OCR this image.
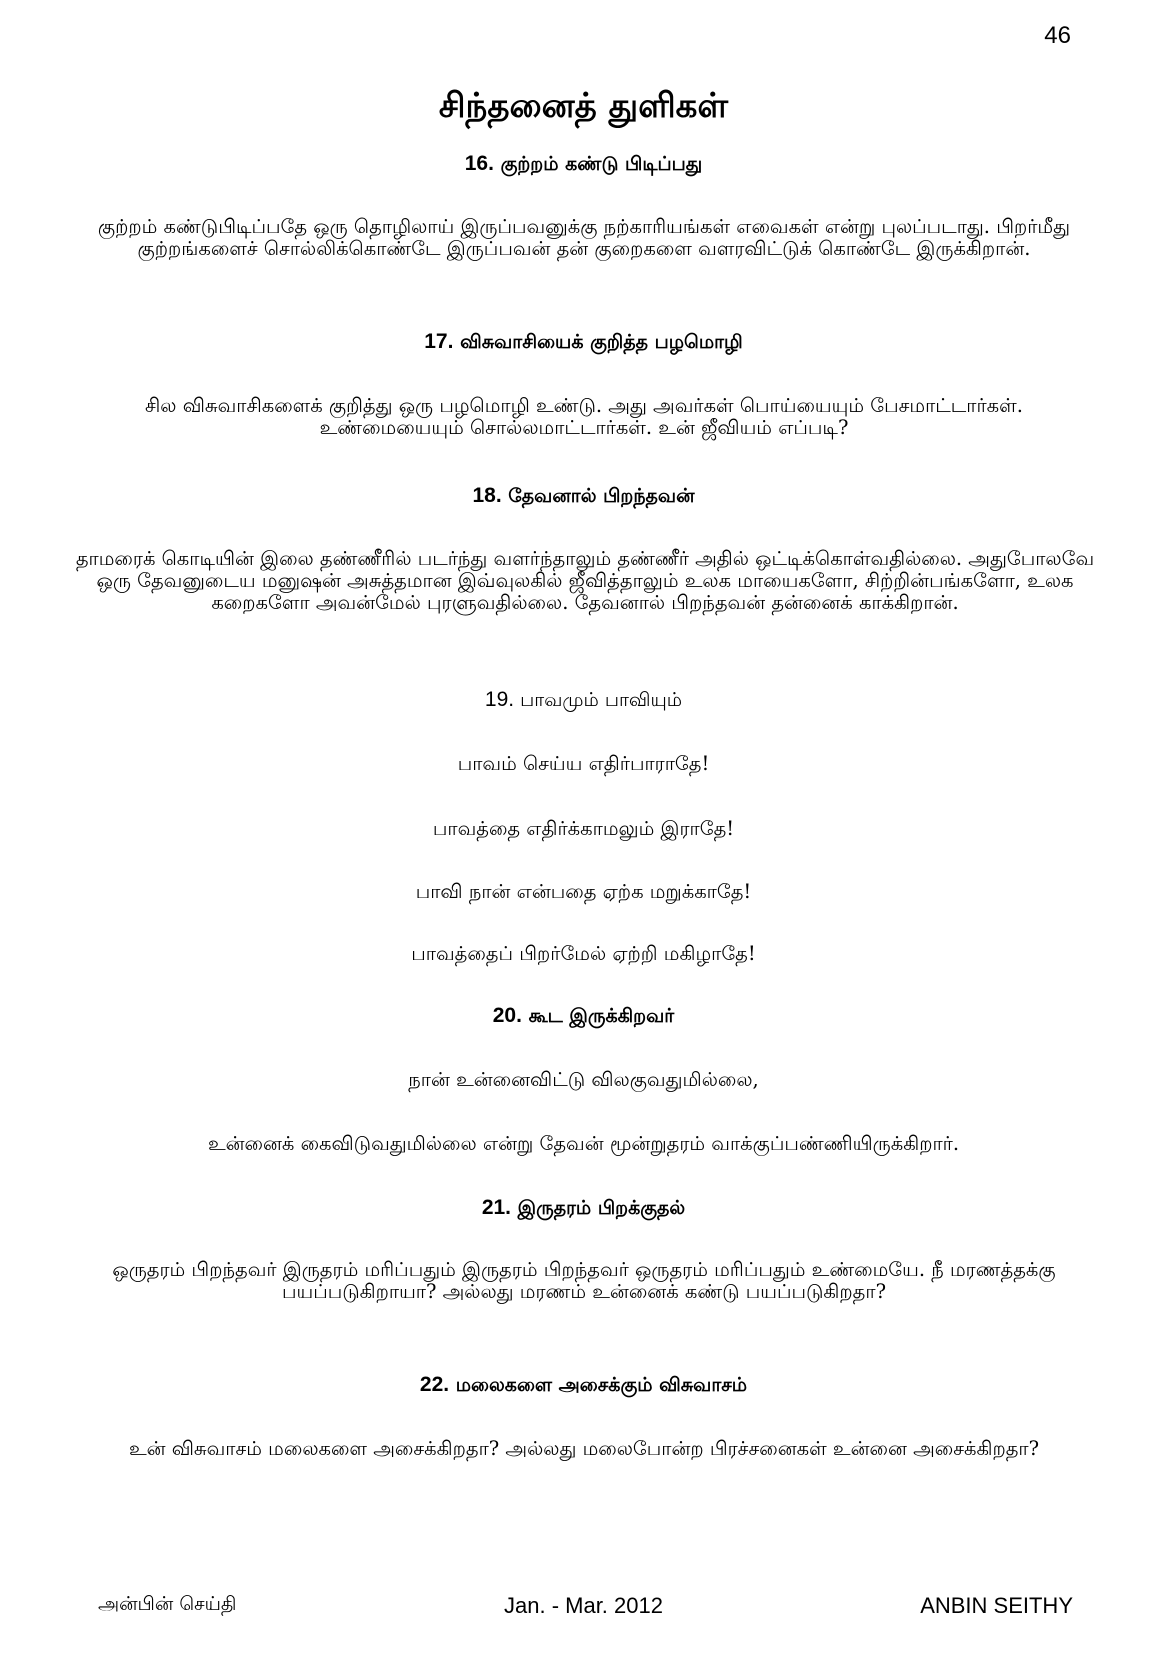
46
சிந்தனைத் துளிகள்
16. குற்றம் கண்டு பிடிப்பது
குற்றம் கண்டுபிடிப்பதே ஒரு தொழிலாய் இருப்பவனுக்கு நற்காரியங்கள் எவைகள் என்று புலப்படாது. பிறர்மீது குற்றங்களைச் சொல்லிக்கொண்டே இருப்பவன் தன் குறைகளை வளரவிட்டுக் கொண்டே இருக்கிறான்.
17. விசுவாசியைக் குறித்த பழமொழி
சில விசுவாசிகளைக் குறித்து ஒரு பழமொழி உண்டு. அது அவர்கள் பொய்யையும் பேசமாட்டார்கள். உண்மையையும் சொல்லமாட்டார்கள். உன் ஜீவியம் எப்படி?
18. தேவனால் பிறந்தவன்
தாமரைக் கொடியின் இலை தண்ணீரில் படர்ந்து வளர்ந்தாலும் தண்ணீர் அதில் ஒட்டிக்கொள்வதில்லை. அதுபோலவே ஒரு தேவனுடைய மனுஷன் அசுத்தமான இவ்வுலகில் ஜீவித்தாலும் உலக மாயைகளோ, சிற்றின்பங்களோ, உலக கறைகளோ அவன்மேல் புரளுவதில்லை. தேவனால் பிறந்தவன் தன்னைக் காக்கிறான்.
19. பாவமும் பாவியும்
பாவம் செய்ய எதிர்பாராதே!
பாவத்தை எதிர்க்காமலும் இராதே!
பாவி நான் என்பதை ஏற்க மறுக்காதே!
பாவத்தைப் பிறர்மேல் ஏற்றி மகிழாதே!
20. கூட இருக்கிறவர்
நான் உன்னைவிட்டு விலகுவதுமில்லை,
உன்னைக் கைவிடுவதுமில்லை என்று தேவன் மூன்றுதரம் வாக்குப்பண்ணியிருக்கிறார்.
21. இருதரம் பிறக்குதல்
ஒருதரம் பிறந்தவர் இருதரம் மரிப்பதும் இருதரம் பிறந்தவர் ஒருதரம் மரிப்பதும் உண்மையே. நீ மரணத்தக்கு பயப்படுகிறாயா? அல்லது மரணம் உன்னைக் கண்டு பயப்படுகிறதா?
22. மலைகளை அசைக்கும் விசுவாசம்
உன் விசுவாசம் மலைகளை அசைக்கிறதா? அல்லது மலைபோன்ற பிரச்சனைகள் உன்னை அசைக்கிறதா?
அன்பின் செய்தி	Jan. - Mar. 2012	ANBIN SEITHY
